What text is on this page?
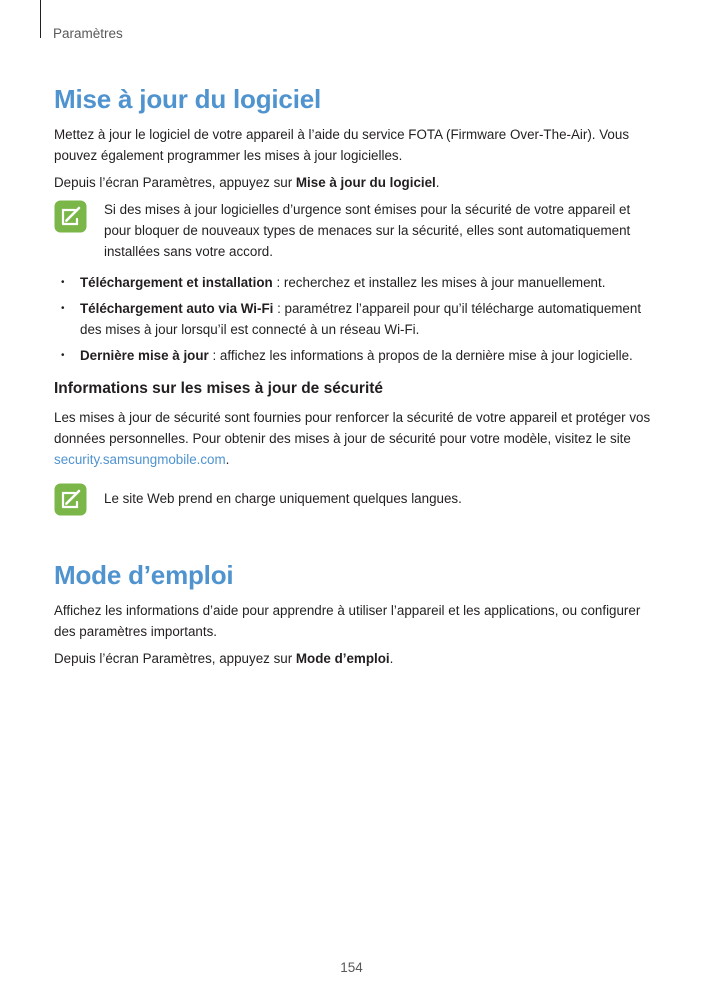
Paramètres
Mise à jour du logiciel

Mettez à jour le logiciel de votre appareil à l’aide du service FOTA (Firmware Over-The-Air). Vous pouvez également programmer les mises à jour logicielles.

Depuis l’écran Paramètres, appuyez sur Mise à jour du logiciel.

Si des mises à jour logicielles d’urgence sont émises pour la sécurité de votre appareil et pour bloquer de nouveaux types de menaces sur la sécurité, elles sont automatiquement installées sans votre accord.
• Téléchargement et installation : recherchez et installez les mises à jour manuellement.
• Téléchargement auto via Wi-Fi : paramétrez l’appareil pour qu’il télécharge automatiquement des mises à jour lorsqu’il est connecté à un réseau Wi-Fi.
• Dernière mise à jour : affichez les informations à propos de la dernière mise à jour logicielle.
Informations sur les mises à jour de sécurité

Les mises à jour de sécurité sont fournies pour renforcer la sécurité de votre appareil et protéger vos données personnelles. Pour obtenir des mises à jour de sécurité pour votre modèle, visitez le site security.samsungmobile.com.

Le site Web prend en charge uniquement quelques langues.
Mode d’emploi

Affichez les informations d’aide pour apprendre à utiliser l’appareil et les applications, ou configurer des paramètres importants.

Depuis l’écran Paramètres, appuyez sur Mode d’emploi.

154
